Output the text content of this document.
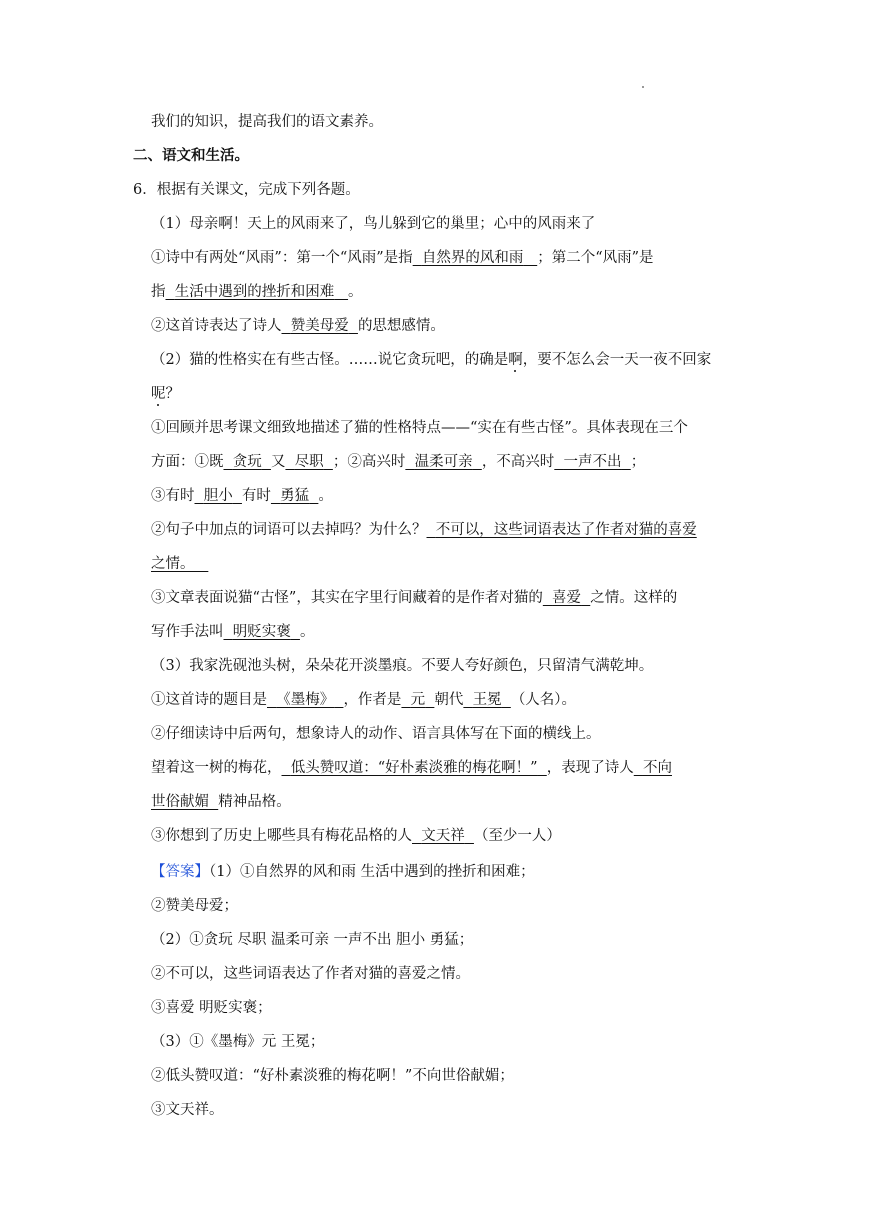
我们的知识，提高我们的语文素养。
二、语文和生活。
6．根据有关课文，完成下列各题。
（1）母亲啊！天上的风雨来了，鸟儿躲到它的巢里；心中的风雨来了
①诗中有两处“风雨”：第一个“风雨”是指 自然界的风和雨 ；第二个“风雨”是
指 生活中遇到的挫折和困难 。
②这首诗表达了诗人 赞美母爱 的思想感情。
（2）猫的性格实在有些古怪。……说它贪玩吧，的确是啊，要不怎么会一天一夜不回家
呢？
①回顾并思考课文细致地描述了猫的性格特点——“实在有些古怪”。具体表现在三个
方面：①既 贪玩 又 尽职 ；②高兴时 温柔可亲 ，不高兴时 一声不出 ；
③有时 胆小 有时 勇猛 。
②句子中加点的词语可以去掉吗？为什么？ 不可以，这些词语表达了作者对猫的喜爱
之情。
③文章表面说猫“古怪”，其实在字里行间藏着的是作者对猫的 喜爱 之情。这样的
写作手法叫 明贬实褒 。
（3）我家洗砚池头树，朵朵花开淡墨痕。不要人夸好颜色，只留清气满乾坤。
①这首诗的题目是 《墨梅》 ，作者是 元 朝代 王冕 （人名）。
②仔细读诗中后两句，想象诗人的动作、语言具体写在下面的横线上。
望着这一树的梅花， 低头赞叹道：“好朴素淡雅的梅花啊！” ，表现了诗人 不向
世俗献媚 精神品格。
③你想到了历史上哪些具有梅花品格的人 文天祥 （至少一人）
【答案】（1）①自然界的风和雨 生活中遇到的挫折和困难；
②赞美母爱；
（2）①贪玩 尽职 温柔可亲 一声不出 胆小 勇猛；
②不可以，这些词语表达了作者对猫的喜爱之情。
③喜爱 明贬实褒；
（3）①《墨梅》元 王冕；
②低头赞叹道：“好朴素淡雅的梅花啊！”不向世俗献媚；
③文天祥。
